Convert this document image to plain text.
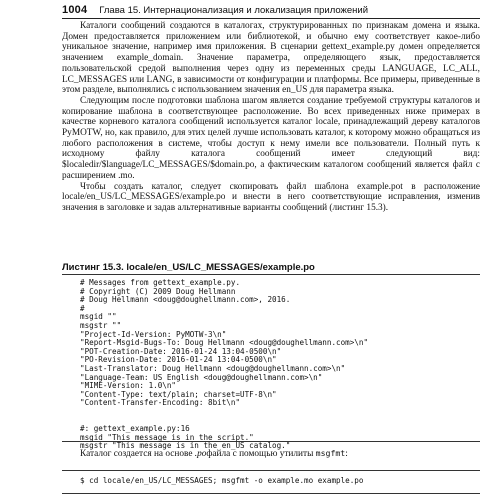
1004 Глава 15. Интернационализация и локализация приложений

Каталоги сообщений создаются в каталогах, структурированных по признакам домена и языка. Домен предоставляется приложением или библиотекой, и обычно ему соответствует какое-либо уникальное значение, например имя приложения. В сценарии gettext_example.py домен определяется значением example_domain. Значение параметра, определяющего язык, предоставляется пользовательской средой выполнения через одну из переменных среды LANGUAGE, LC_ALL, LC_MESSAGES или LANG, в зависимости от конфигурации и платформы. Все примеры, приведенные в этом разделе, выполнялись с использованием значения en_US для параметра языка.

Следующим после подготовки шаблона шагом является создание требуемой структуры каталогов и копирование шаблона в соответствующее расположение. Во всех приведенных ниже примерах в качестве корневого каталога сообщений используется каталог locale, принадлежащий дереву каталогов PyMOTW, но, как правило, для этих целей лучше использовать каталог, к которому можно обращаться из любого расположения в системе, чтобы доступ к нему имели все пользователи. Полный путь к исходному файлу каталога сообщений имеет следующий вид: $localedir/$language/LC_MESSAGES/$domain.po, а фактическим каталогом сообщений является файл с расширением .mo.

Чтобы создать каталог, следует скопировать файл шаблона example.pot в расположение locale/en_US/LC_MESSAGES/example.po и внести в него соответствующие исправления, изменив значения в заголовке и задав альтернативные варианты сообщений (листинг 15.3).

Листинг 15.3. locale/en_US/LC_MESSAGES/example.po
# Messages from gettext_example.py.
# Copyright (C) 2009 Doug Hellmann
# Doug Hellmann <doug@doughellmann.com>, 2016.
#
msgid ""
msgstr ""
"Project-Id-Version: PyMOTW-3\n"
"Report-Msgid-Bugs-To: Doug Hellmann <doug@doughellmann.com>\n"
"POT-Creation-Date: 2016-01-24 13:04-0500\n"
"PO-Revision-Date: 2016-01-24 13:04-0500\n"
"Last-Translator: Doug Hellmann <doug@doughellmann.com>\n"
"Language-Team: US English <doug@doughellmann.com>\n"
"MIME-Version: 1.0\n"
"Content-Type: text/plain; charset=UTF-8\n"
"Content-Transfer-Encoding: 8bit\n"

#: gettext_example.py:16
msgid "This message is in the script."
msgstr "This message is in the en_US catalog."

Каталог создается на основе .рофайла с помощью утилиты msgfmt:

$ cd locale/en_US/LC_MESSAGES; msgfmt -o example.mo example.po
